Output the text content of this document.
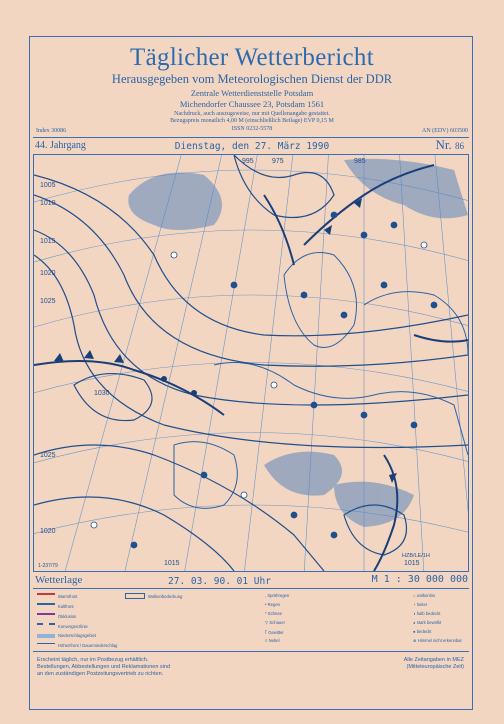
Täglicher Wetterbericht
Herausgegeben vom Meteorologischen Dienst der DDR
Zentrale Wetterdienststelle Potsdam
Michendorfer Chaussee 23, Potsdam 1561
Nachdruck, auch auszugsweise, nur mit Quellenangabe gestattet.
Bezugspreis monatlich 4,00 M (einschließlich Beilage) EVP 0,15 M
ISSN 0232-5578
Index 30086	AN (EDV) 603500
44. Jahrgang	Dienstag, den 27. März 1990	Nr. 86
1005
1010
1015
1020
1025
1030
1025
1020
995	985
975
1015	1015
HZB/LE/1H
1-237/79
Wetterlage	27. 03. 90. 01 Uhr	M 1 : 30 000 000
Warmfront
Kaltfront
Okklusion
Konvergenzlinie
Niederschlagsgebiet
Höhenfront / Dauerniederschlag
Wolkenbedeckung	, Sprühregen
• Regen
* Schnee
▽ Schauer
Ꞅ Gewitter
≡ Nebel
○ wolkenlos
◔ heiter
◑ halb bedeckt
◕ stark bewölkt
● bedeckt
⊗ Himmel nicht erkennbar
Erscheint täglich, nur im Postbezug erhältlich.
Bestellungen, Abbestellungen und Reklamationen sind
an den zuständigen Postzeitungsvertrieb zu richten.
Alle Zeitangaben in MEZ
(Mitteleuropäische Zeit)
